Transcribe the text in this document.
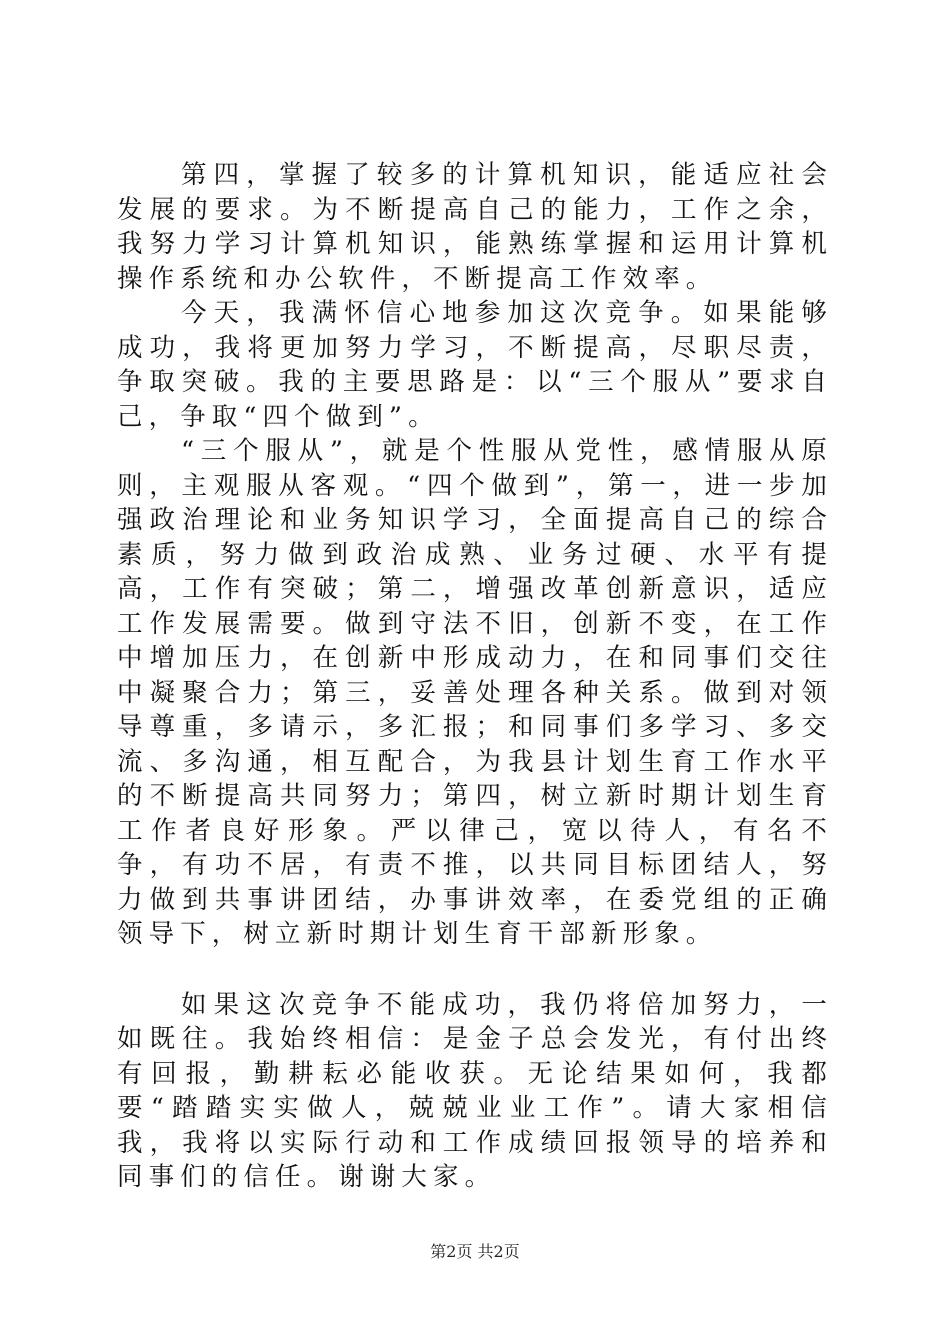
第四，掌握了较多的计算机知识，能适应社会发展的要求。为不断提高自己的能力，工作之余，我努力学习计算机知识，能熟练掌握和运用计算机操作系统和办公软件，不断提高工作效率。

今天，我满怀信心地参加这次竞争。如果能够成功，我将更加努力学习，不断提高，尽职尽责，争取突破。我的主要思路是：以“三个服从”要求自己，争取“四个做到”。

“三个服从”，就是个性服从党性，感情服从原则，主观服从客观。“四个做到”，第一，进一步加强政治理论和业务知识学习，全面提高自己的综合素质，努力做到政治成熟、业务过硬、水平有提高，工作有突破；第二，增强改革创新意识，适应工作发展需要。做到守法不旧，创新不变，在工作中增加压力，在创新中形成动力，在和同事们交往中凝聚合力；第三，妥善处理各种关系。做到对领导尊重，多请示，多汇报；和同事们多学习、多交流、多沟通，相互配合，为我县计划生育工作水平的不断提高共同努力；第四，树立新时期计划生育工作者良好形象。严以律己，宽以待人，有名不争，有功不居，有责不推，以共同目标团结人，努力做到共事讲团结，办事讲效率，在委党组的正确领导下，树立新时期计划生育干部新形象。

如果这次竞争不能成功，我仍将倍加努力，一如既往。我始终相信：是金子总会发光，有付出终有回报，勤耕耘必能收获。无论结果如何，我都要“踏踏实实做人，兢兢业业工作”。请大家相信我，我将以实际行动和工作成绩回报领导的培养和同事们的信任。谢谢大家。

第2页 共2页
